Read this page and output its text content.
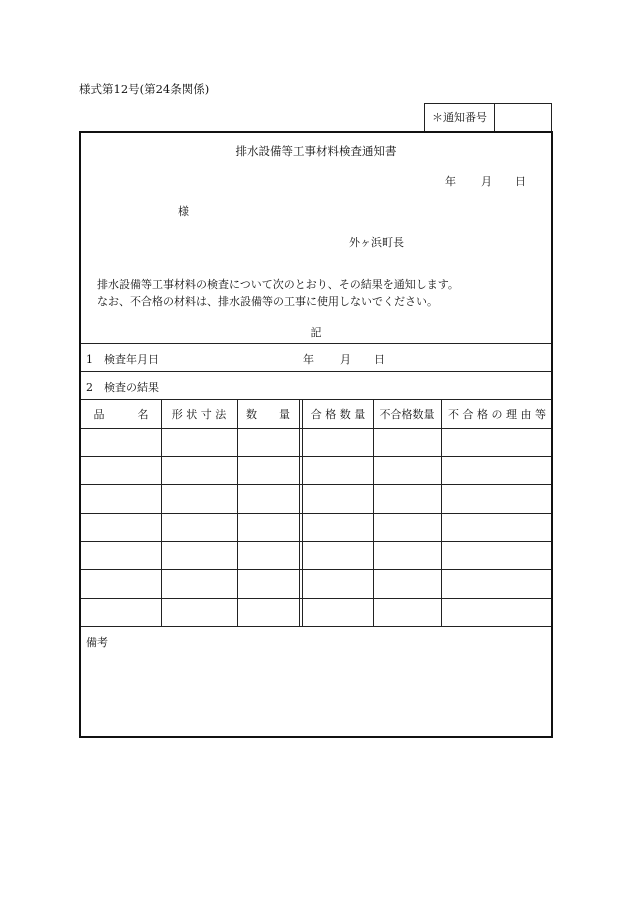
様式第12号(第24条関係)
＊通知番号
排水設備等工事材料検査通知書
年 月 日
様
外ヶ浜町長
排水設備等工事材料の検査について次のとおり、その結果を通知します。
なお、不合格の材料は、排水設備等の工事に使用しないでください。
記
1　検査年月日	年 月 日
2　検査の結果
品　　　名	形 状 寸 法	数　　量	合 格 数 量	不合格数量	不 合 格 の 理 由 等
備考
